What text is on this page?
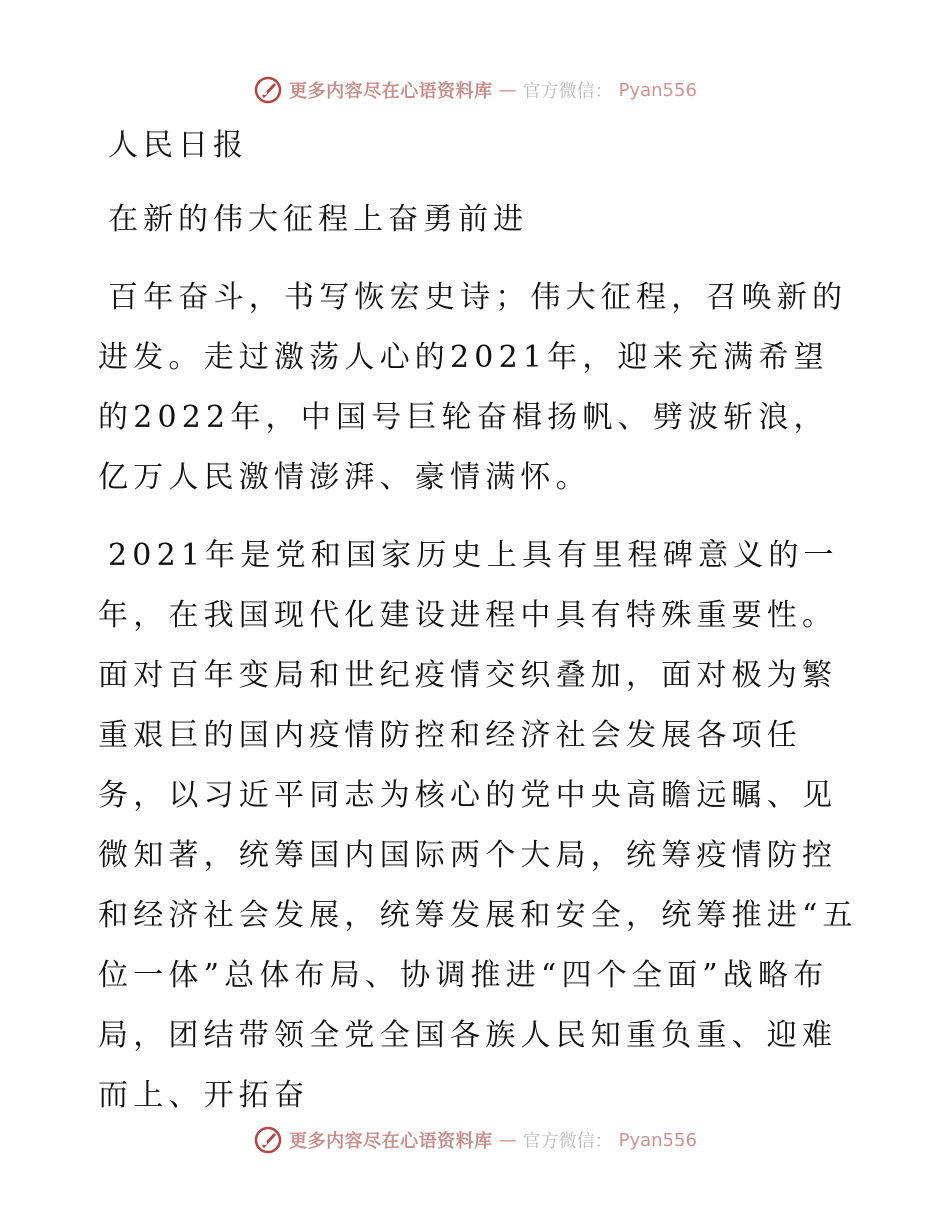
更多内容尽在心语资料库 — 官方微信： Pyan556
人民日报
在新的伟大征程上奋勇前进

百年奋斗，书写恢宏史诗；伟大征程，召唤新的进发。走过激荡人心的2021年，迎来充满希望的2022年，中国号巨轮奋楫扬帆、劈波斩浪，亿万人民激情澎湃、豪情满怀。

2021年是党和国家历史上具有里程碑意义的一年，在我国现代化建设进程中具有特殊重要性。面对百年变局和世纪疫情交织叠加，面对极为繁重艰巨的国内疫情防控和经济社会发展各项任务，以习近平同志为核心的党中央高瞻远瞩、见微知著，统筹国内国际两个大局，统筹疫情防控和经济社会发展，统筹发展和安全，统筹推进“五位一体”总体布局、协调推进“四个全面”战略布局，团结带领全党全国各族人民知重负重、迎难而上、开拓奋

更多内容尽在心语资料库 — 官方微信： Pyan556
